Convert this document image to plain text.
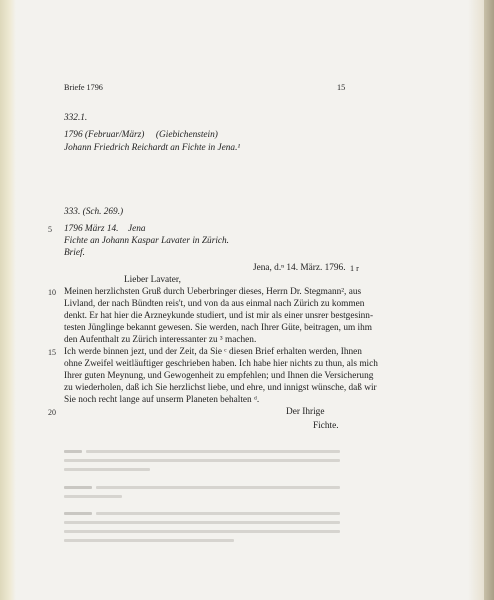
Briefe 1796	15
332.1.
1796 (Februar/März)     (Giebichenstein)
Johann Friedrich Reichardt an Fichte in Jena.¹
333. (Sch. 269.)
5 1796 März 14. Jena
Fichte an Johann Kaspar Lavater in Zürich.
Brief.
Jena, d.ⁿ 14. März. 1796. 1 r
Lieber Lavater,
10 Meinen herzlichsten Gruß durch Ueberbringer dieses, Herrn Dr. Stegmann², aus
Livland, der nach Bündten reis't, und von da aus einmal nach Zürich zu kommen
denkt. Er hat hier die Arzneykunde studiert, und ist mir als einer unsrer bestgesinn-
testen Jünglinge bekannt gewesen. Sie werden, nach Ihrer Güte, beitragen, um ihm
den Aufenthalt zu Zürich interessanter zu ³ machen.
15 Ich werde binnen jezt, und der Zeit, da Sie ᶜ diesen Brief erhalten werden, Ihnen
ohne Zweifel weitläuftiger geschrieben haben. Ich habe hier nichts zu thun, als mich
Ihrer guten Meynung, und Gewogenheit zu empfehlen; und Ihnen die Versicherung
zu wiederholen, daß ich Sie herzlichst liebe, und ehre, und innigst wünsche, daß wir
Sie noch recht lange auf unserm Planeten behalten ᵈ.
20	Der Ihrige
Fichte.
